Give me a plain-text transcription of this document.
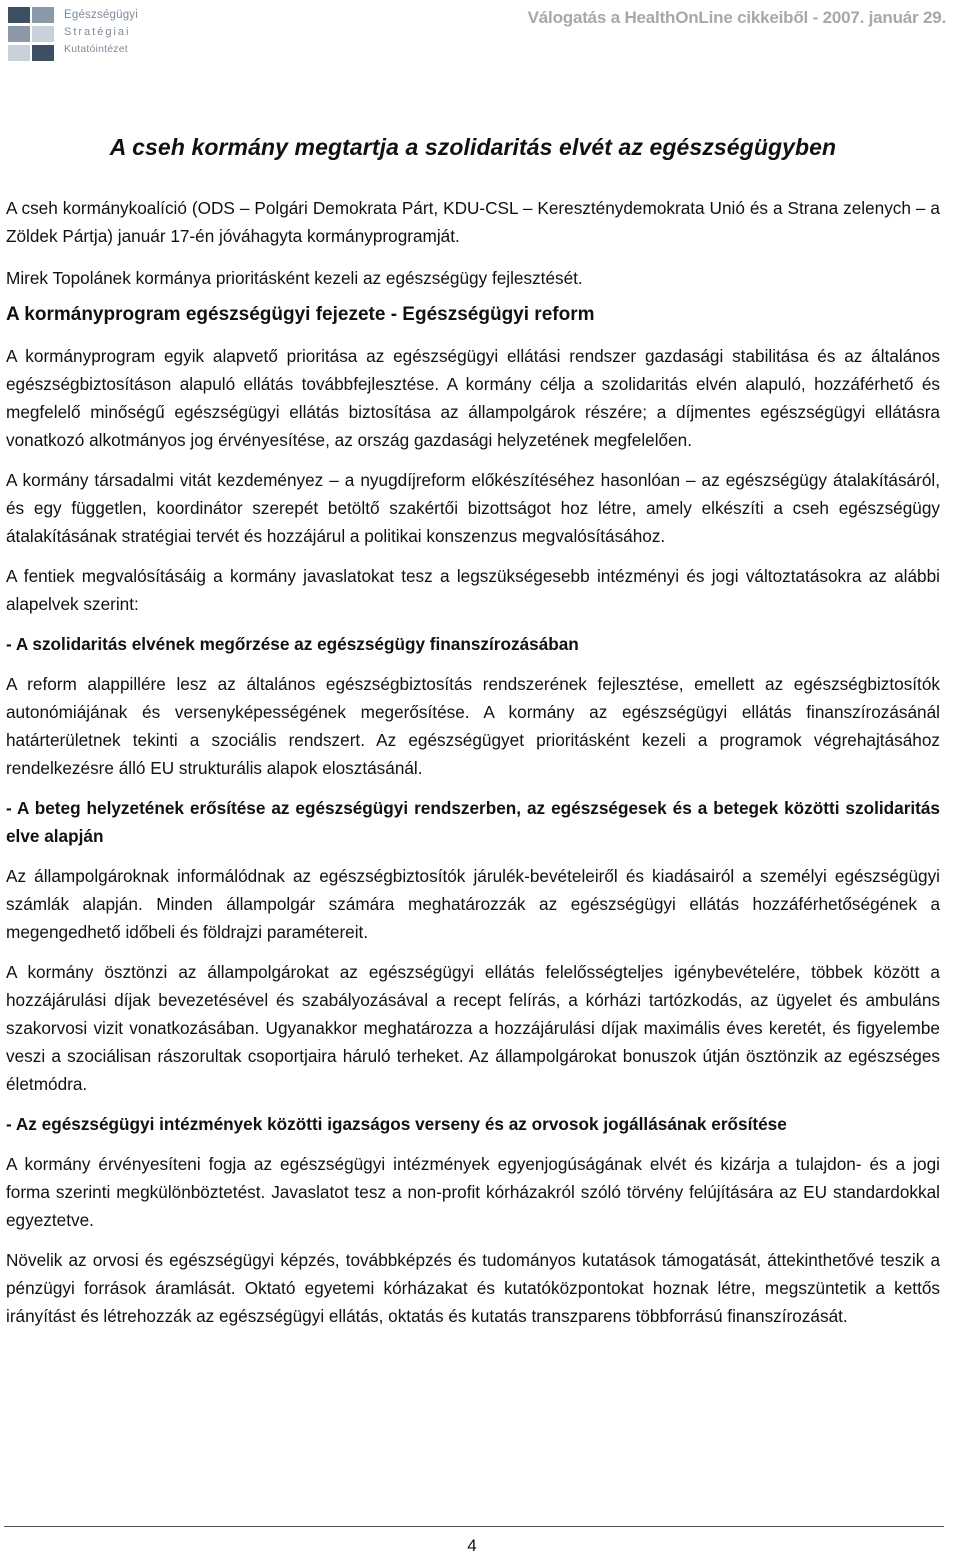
Egészségügyi
Stratégiai
Kutatóintézet
Válogatás a HealthOnLine cikkeiből - 2007. január 29.
A cseh kormány megtartja a szolidaritás elvét az egészségügyben

A cseh kormánykoalíció (ODS – Polgári Demokrata Párt, KDU-CSL – Kereszténydemokrata Unió és a Strana zelenych – a Zöldek Pártja) január 17-én jóváhagyta kormányprogramját.

Mirek Topolánek kormánya prioritásként kezeli az egészségügy fejlesztését.

A kormányprogram egészségügyi fejezete - Egészségügyi reform

A kormányprogram egyik alapvető prioritása az egészségügyi ellátási rendszer gazdasági stabilitása és az általános egészségbiztosításon alapuló ellátás továbbfejlesztése. A kormány célja a szolidaritás elvén alapuló, hozzáférhető és megfelelő minőségű egészségügyi ellátás biztosítása az állampolgárok részére; a díjmentes egészségügyi ellátásra vonatkozó alkotmányos jog érvényesítése, az ország gazdasági helyzetének megfelelően.

A kormány társadalmi vitát kezdeményez – a nyugdíjreform előkészítéséhez hasonlóan – az egészségügy átalakításáról, és egy független, koordinátor szerepét betöltő szakértői bizottságot hoz létre, amely elkészíti a cseh egészségügy átalakításának stratégiai tervét és hozzájárul a politikai konszenzus megvalósításához.

A fentiek megvalósításáig a kormány javaslatokat tesz a legszükségesebb intézményi és jogi változtatásokra az alábbi alapelvek szerint:

- A szolidaritás elvének megőrzése az egészségügy finanszírozásában

A reform alappillére lesz az általános egészségbiztosítás rendszerének fejlesztése, emellett az egészségbiztosítók autonómiájának és versenyképességének megerősítése. A kormány az egészségügyi ellátás finanszírozásánál határterületnek tekinti a szociális rendszert. Az egészségügyet prioritásként kezeli a programok végrehajtásához rendelkezésre álló EU strukturális alapok elosztásánál.

- A beteg helyzetének erősítése az egészségügyi rendszerben, az egészségesek és a betegek közötti szolidaritás elve alapján

Az állampolgároknak informálódnak az egészségbiztosítók járulék-bevételeiről és kiadásairól a személyi egészségügyi számlák alapján. Minden állampolgár számára meghatározzák az egészségügyi ellátás hozzáférhetőségének a megengedhető időbeli és földrajzi paramétereit.

A kormány ösztönzi az állampolgárokat az egészségügyi ellátás felelősségteljes igénybevételére, többek között a hozzájárulási díjak bevezetésével és szabályozásával a recept felírás, a kórházi tartózkodás, az ügyelet és ambuláns szakorvosi vizit vonatkozásában. Ugyanakkor meghatározza a hozzájárulási díjak maximális éves keretét, és figyelembe veszi a szociálisan rászorultak csoportjaira háruló terheket. Az állampolgárokat bonuszok útján ösztönzik az egészséges életmódra.

- Az egészségügyi intézmények közötti igazságos verseny és az orvosok jogállásának erősítése

A kormány érvényesíteni fogja az egészségügyi intézmények egyenjogúságának elvét és kizárja a tulajdon- és a jogi forma szerinti megkülönböztetést. Javaslatot tesz a non-profit kórházakról szóló törvény felújítására az EU standardokkal egyeztetve.

Növelik az orvosi és egészségügyi képzés, továbbképzés és tudományos kutatások támogatását, áttekinthetővé teszik a pénzügyi források áramlását. Oktató egyetemi kórházakat és kutatóközpontokat hoznak létre, megszüntetik a kettős irányítást és létrehozzák az egészségügyi ellátás, oktatás és kutatás transzparens többforrású finanszírozását.

4
